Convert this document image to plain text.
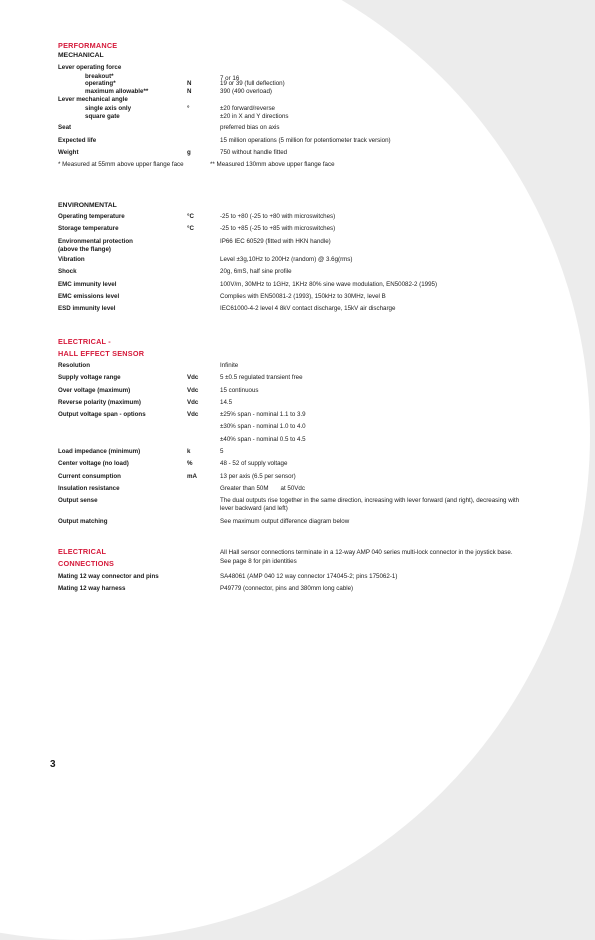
PERFORMANCE
MECHANICAL
Lever operating force
breakout*	7 or 16
operating*	N	19 or 39 (full deflection)
maximum allowable**	N	390 (490 overload)
Lever mechanical angle
single axis only	°	±20 forward/reverse
square gate	±20 in X and Y directions
Seat	preferred bias on axis
Expected life	15 million operations (5 million for potentiometer track version)
Weight	g	750 without handle fitted
* Measured at 55mm above upper flange face	** Measured 130mm above upper flange face
ENVIRONMENTAL
Operating temperature	°C	-25 to +80 (-25 to +80 with microswitches)
Storage temperature	°C	-25 to +85 (-25 to +85 with microswitches)
Environmental protection	IP66 IEC 60529 (fitted with HKN handle)
(above the flange)
Vibration	Level ±3g,10Hz to 200Hz (random) @ 3.6g(rms)
Shock	20g, 6mS, half sine profile
EMC immunity level	100V/m, 30MHz to 1GHz, 1KHz 80% sine wave modulation, EN50082-2 (1995)
EMC emissions level	Complies with EN50081-2 (1993), 150kHz to 30MHz, level B
ESD immunity level	IEC61000-4-2 level 4 8kV contact discharge, 15kV air discharge
ELECTRICAL -
HALL EFFECT SENSOR
Resolution	Infinite
Supply voltage range	Vdc	5 ±0.5 regulated transient free
Over voltage (maximum)	Vdc	15 continuous
Reverse polarity (maximum)	Vdc	14.5
Output voltage span - options	Vdc	±25% span - nominal 1.1 to 3.9
±30% span - nominal 1.0 to 4.0
±40% span - nominal 0.5 to 4.5
Load impedance (minimum)	k	5
Center voltage (no load)	%	48 - 52 of supply voltage
Current consumption	mA	13 per axis (6.5 per sensor)
Insulation resistance	Greater than 50M       at 50Vdc
Output sense	The dual outputs rise together in the same direction, increasing with lever forward (and right), decreasing with lever backward (and left)
Output matching	See maximum output difference diagram below
ELECTRICAL
CONNECTIONS
All Hall sensor connections terminate in a 12-way AMP 040 series multi-lock connector in the joystick base. See page 8 for pin identities
Mating 12 way connector and pins	SA48061 (AMP 040 12 way connector 174045-2; pins 175062-1)
Mating 12 way harness	P49779 (connector, pins and 380mm long cable)
3
